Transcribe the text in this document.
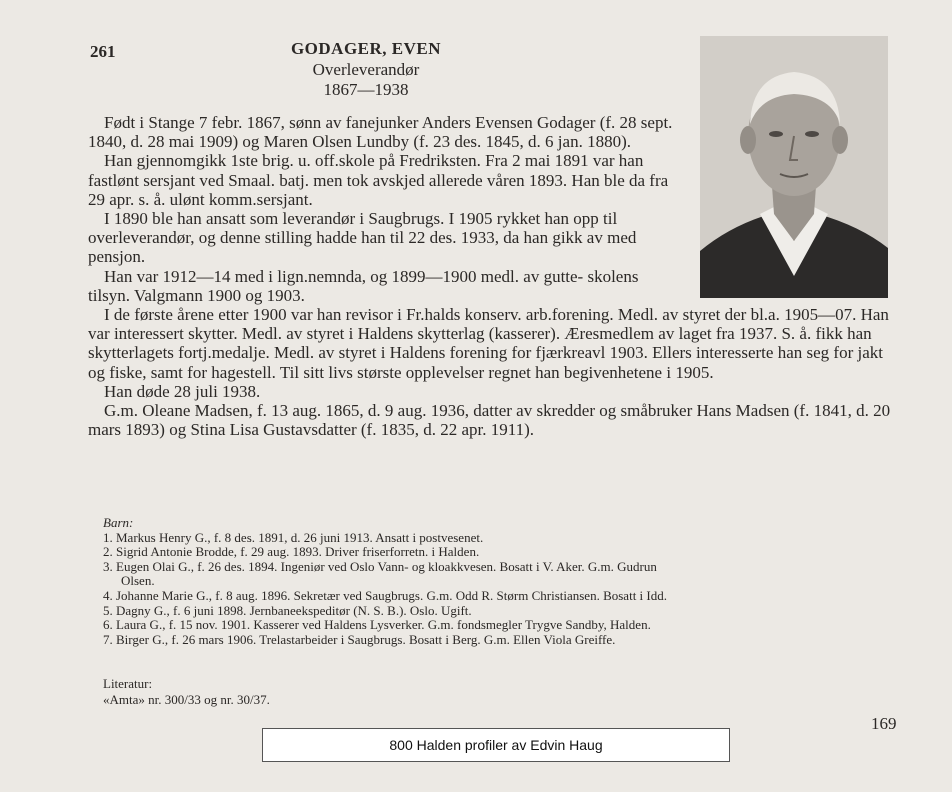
261	GODAGER, EVEN
Overleverandør
1867—1938

Født i Stange 7 febr. 1867, sønn av fanejunker Anders Evensen Godager (f. 28 sept. 1840, d. 28 mai 1909) og Maren Olsen Lundby (f. 23 des. 1845, d. 6 jan. 1880).

Han gjennomgikk 1ste brig. u. off.skole på Fredriksten. Fra 2 mai 1891 var han fastlønt sersjant ved Smaal. batj. men tok avskjed allerede våren 1893. Han ble da fra 29 apr. s. å. ulønt komm.sersjant.

I 1890 ble han ansatt som leverandør i Saugbrugs. I 1905 rykket han opp til overleverandør, og denne stilling hadde han til 22 des. 1933, da han gikk av med pensjon.

Han var 1912—14 med i lign.nemnda, og 1899—1900 medl. av gutte- skolens tilsyn. Valgmann 1900 og 1903.

I de første årene etter 1900 var han revisor i Fr.halds konserv. arb.forening. Medl. av styret der bl.a. 1905—07. Han var interessert skytter. Medl. av styret i Haldens skytterlag (kasserer). Æresmedlem av laget fra 1937. S. å. fikk han skytterlagets fortj.medalje. Medl. av styret i Haldens forening for fjærkreavl 1903. Ellers interesserte han seg for jakt og fiske, samt for hagestell. Til sitt livs største opplevelser regnet han begivenhetene i 1905.

Han døde 28 juli 1938.

G.m. Oleane Madsen, f. 13 aug. 1865, d. 9 aug. 1936, datter av skredder og småbruker Hans Madsen (f. 1841, d. 20 mars 1893) og Stina Lisa Gustavsdatter (f. 1835, d. 22 apr. 1911).

Barn:
1. Markus Henry G., f. 8 des. 1891, d. 26 juni 1913. Ansatt i postvesenet.
2. Sigrid Antonie Brodde, f. 29 aug. 1893. Driver friserforretn. i Halden.
3. Eugen Olai G., f. 26 des. 1894. Ingeniør ved Oslo Vann- og kloakkvesen. Bosatt i V. Aker. G.m. Gudrun
Olsen.
4. Johanne Marie G., f. 8 aug. 1896. Sekretær ved Saugbrugs. G.m. Odd R. Størm Christiansen. Bosatt i Idd.
5. Dagny G., f. 6 juni 1898. Jernbaneekspeditør (N. S. B.). Oslo. Ugift.
6. Laura G., f. 15 nov. 1901. Kasserer ved Haldens Lysverker. G.m. fondsmegler Trygve Sandby, Halden.
7. Birger G., f. 26 mars 1906. Trelastarbeider i Saugbrugs. Bosatt i Berg. G.m. Ellen Viola Greiffe.
Literatur:
«Amta» nr. 300/33 og nr. 30/37.
169
800 Halden profiler av Edvin Haug
